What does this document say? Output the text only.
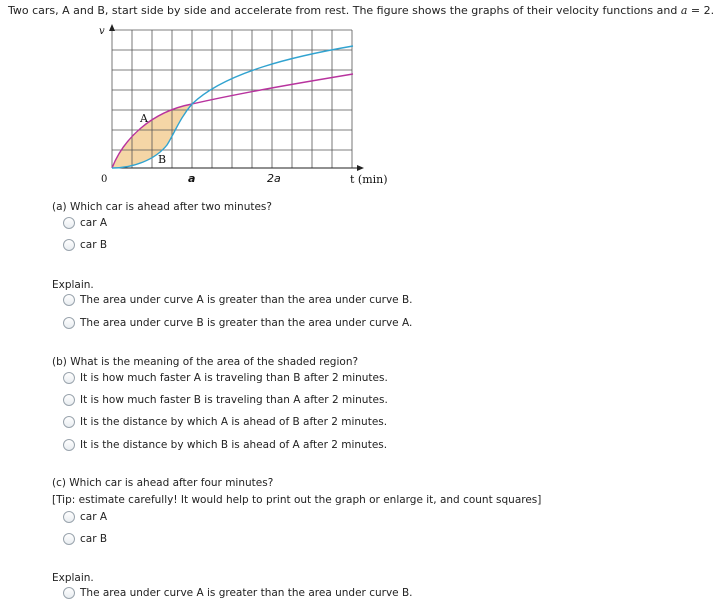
Two cars, A and B, start side by side and accelerate from rest. The figure shows the graphs of their velocity functions and a = 2.
v
0	a	2a	t (min)
A
B
(a) Which car is ahead after two minutes?
car A
car B
Explain.
The area under curve A is greater than the area under curve B.
The area under curve B is greater than the area under curve A.
(b) What is the meaning of the area of the shaded region?
It is how much faster A is traveling than B after 2 minutes.
It is how much faster B is traveling than A after 2 minutes.
It is the distance by which A is ahead of B after 2 minutes.
It is the distance by which B is ahead of A after 2 minutes.
(c) Which car is ahead after four minutes?
[Tip: estimate carefully! It would help to print out the graph or enlarge it, and count squares]
car A
car B
Explain.
The area under curve A is greater than the area under curve B.
